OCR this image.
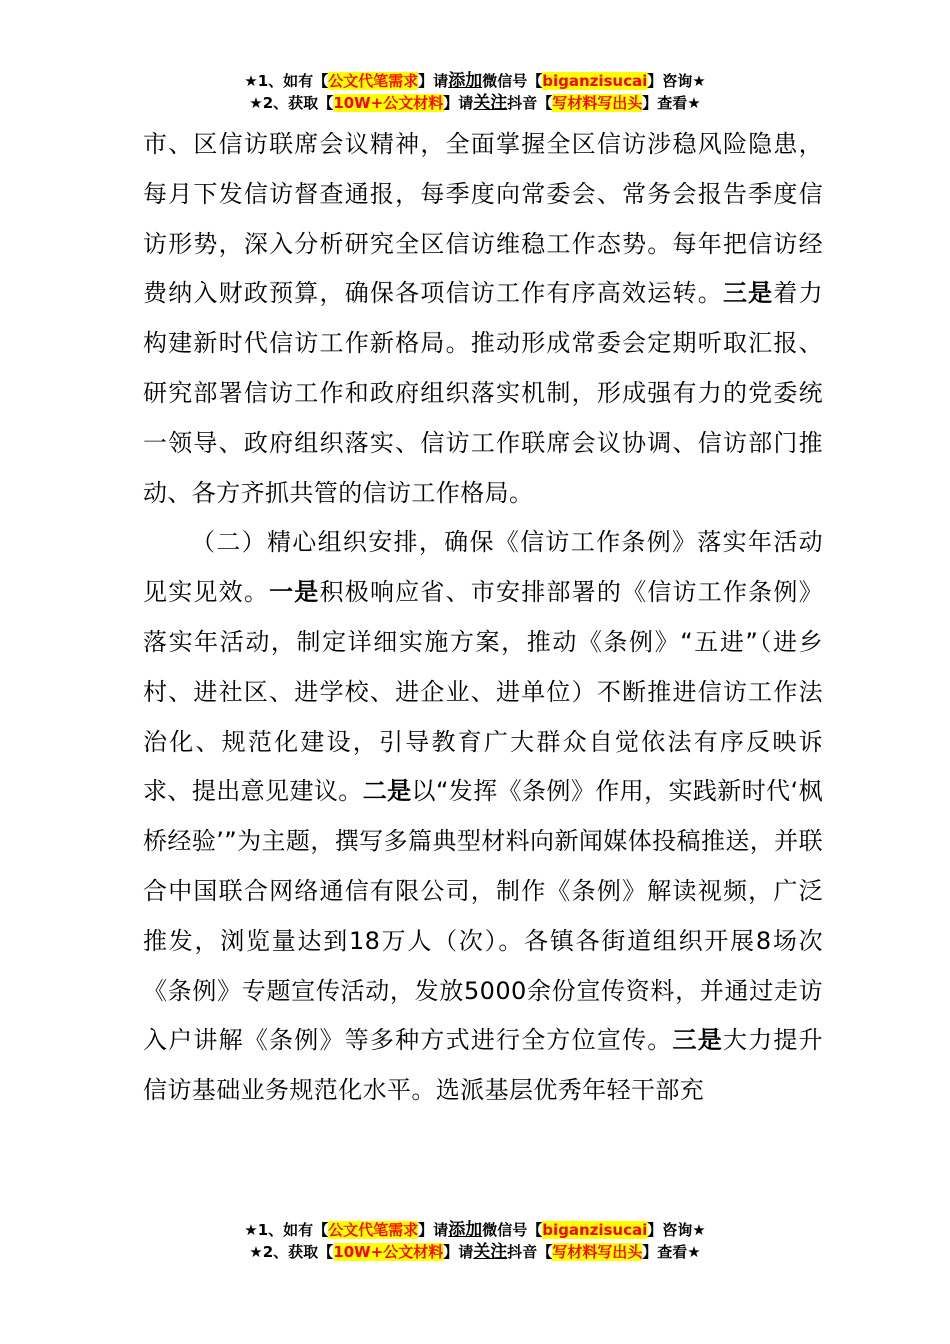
★1、如有【公文代笔需求】请添加微信号【biganzisucai】咨询★
★2、获取【10W+公文材料】请关注抖音【写材料写出头】查看★

市、区信访联席会议精神，全面掌握全区信访涉稳风险隐患，每月下发信访督查通报，每季度向常委会、常务会报告季度信访形势，深入分析研究全区信访维稳工作态势。每年把信访经费纳入财政预算，确保各项信访工作有序高效运转。三是着力构建新时代信访工作新格局。推动形成常委会定期听取汇报、研究部署信访工作和政府组织落实机制，形成强有力的党委统一领导、政府组织落实、信访工作联席会议协调、信访部门推动、各方齐抓共管的信访工作格局。

（二）精心组织安排，确保《信访工作条例》落实年活动见实见效。一是积极响应省、市安排部署的《信访工作条例》落实年活动，制定详细实施方案，推动《条例》“五进”（进乡村、进社区、进学校、进企业、进单位）不断推进信访工作法治化、规范化建设，引导教育广大群众自觉依法有序反映诉求、提出意见建议。二是以“发挥《条例》作用，实践新时代‘枫桥经验’”为主题，撰写多篇典型材料向新闻媒体投稿推送，并联合中国联合网络通信有限公司，制作《条例》解读视频，广泛推发，浏览量达到18万人（次）。各镇各街道组织开展8场次《条例》专题宣传活动，发放5000余份宣传资料，并通过走访入户讲解《条例》等多种方式进行全方位宣传。三是大力提升信访基础业务规范化水平。选派基层优秀年轻干部充

★1、如有【公文代笔需求】请添加微信号【biganzisucai】咨询★
★2、获取【10W+公文材料】请关注抖音【写材料写出头】查看★
